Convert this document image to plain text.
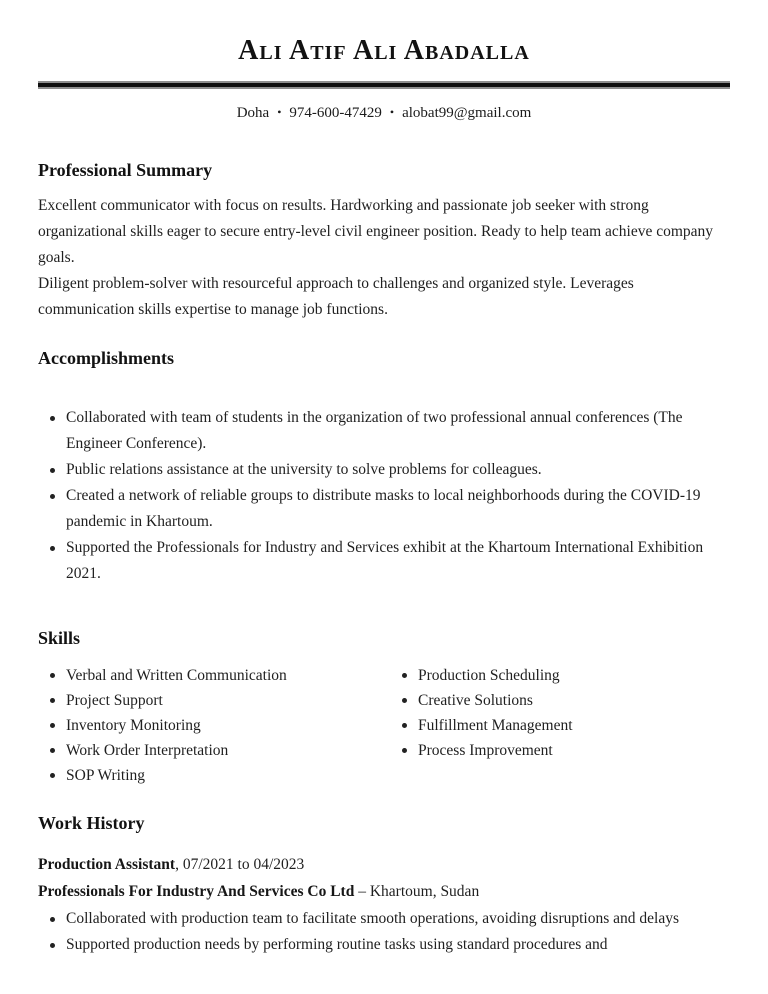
Ali Atif Ali Abadalla
Doha • 974-600-47429 • alobat99@gmail.com
Professional Summary

Excellent communicator with focus on results. Hardworking and passionate job seeker with strong organizational skills eager to secure entry-level civil engineer position. Ready to help team achieve company goals.

Diligent problem-solver with resourceful approach to challenges and organized style. Leverages communication skills expertise to manage job functions.

Accomplishments
Collaborated with team of students in the organization of two professional annual conferences (The Engineer Conference).
Public relations assistance at the university to solve problems for colleagues.
Created a network of reliable groups to distribute masks to local neighborhoods during the COVID-19 pandemic in Khartoum.
Supported the Professionals for Industry and Services exhibit at the Khartoum International Exhibition 2021.
Skills
Verbal and Written Communication
Project Support
Inventory Monitoring
Work Order Interpretation
SOP Writing
Production Scheduling
Creative Solutions
Fulfillment Management
Process Improvement
Work History
Production Assistant, 07/2021 to 04/2023
Professionals For Industry And Services Co Ltd – Khartoum, Sudan
Collaborated with production team to facilitate smooth operations, avoiding disruptions and delays
Supported production needs by performing routine tasks using standard procedures and
